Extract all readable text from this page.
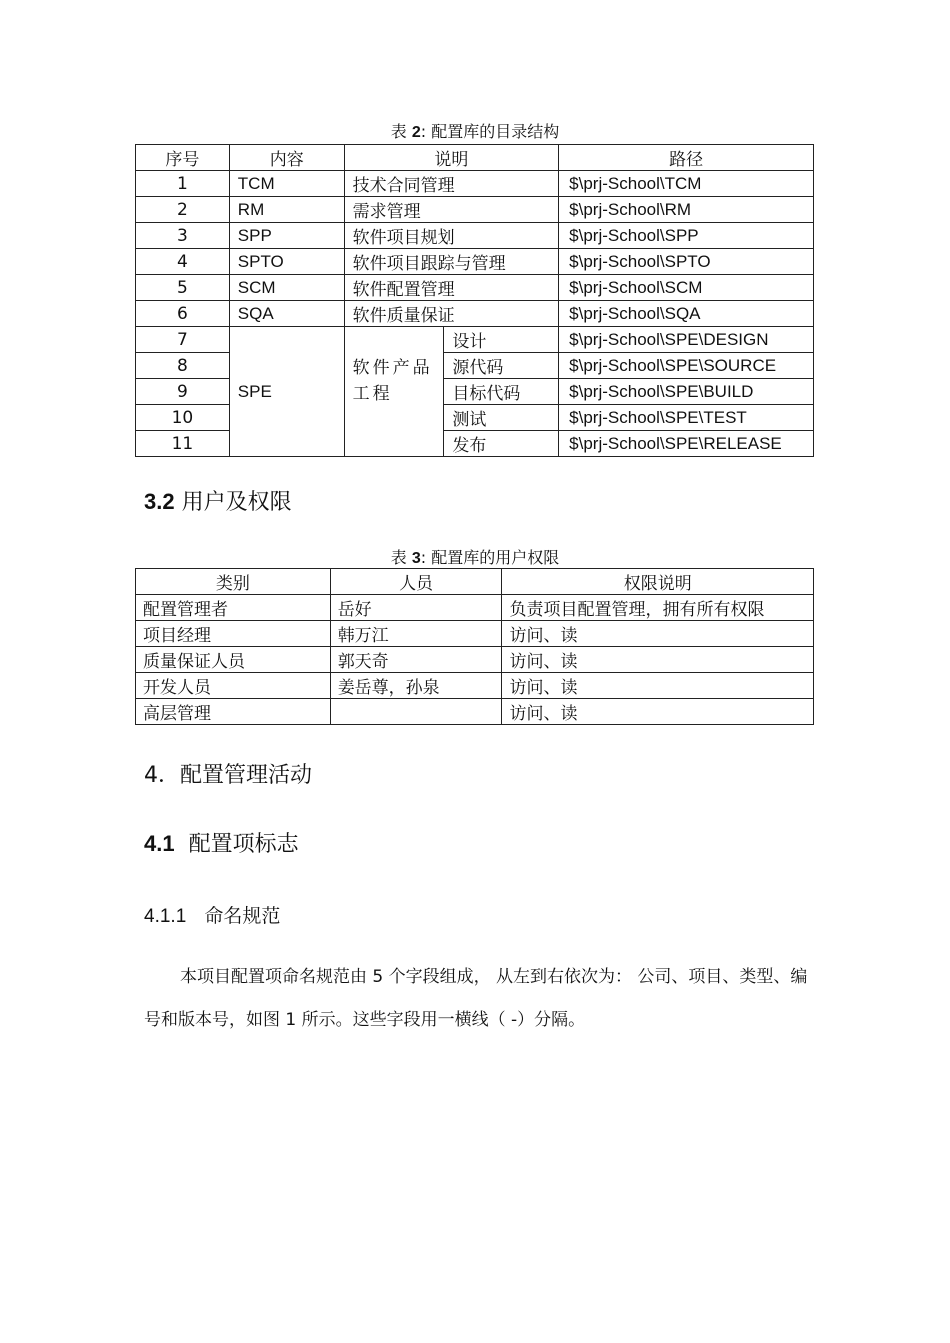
表 2: 配置库的目录结构
序号	内容	说明		路径
1	TCM	技术合同管理		$\prj-School\TCM
2	RM	需求管理		$\prj-School\RM
3	SPP	软件项目规划		$\prj-School\SPP
4	SPTO	软件项目跟踪与管理		$\prj-School\SPTO
5	SCM	软件配置管理		$\prj-School\SCM
6	SQA	软件质量保证		$\prj-School\SQA
7	SPE	软件产品工程	设计	$\prj-School\SPE\DESIGN
8			源代码	$\prj-School\SPE\SOURCE
9			目标代码	$\prj-School\SPE\BUILD
10			测试	$\prj-School\SPE\TEST
11			发布	$\prj-School\SPE\RELEASE
3.2 用户及权限
表 3: 配置库的用户权限
类别	人员	权限说明
配置管理者	岳好	负责项目配置管理，拥有所有权限
项目经理	韩万江	访问、读
质量保证人员	郭天奇	访问、读
开发人员	姜岳尊，孙泉	访问、读
高层管理		访问、读
4．配置管理活动
4.1 配置项标志
4.1.1 命名规范

本项目配置项命名规范由 5 个字段组成， 从左到右依次为： 公司、项目、类型、编号和版本号，如图 1 所示。这些字段用一横线（ -）分隔。
